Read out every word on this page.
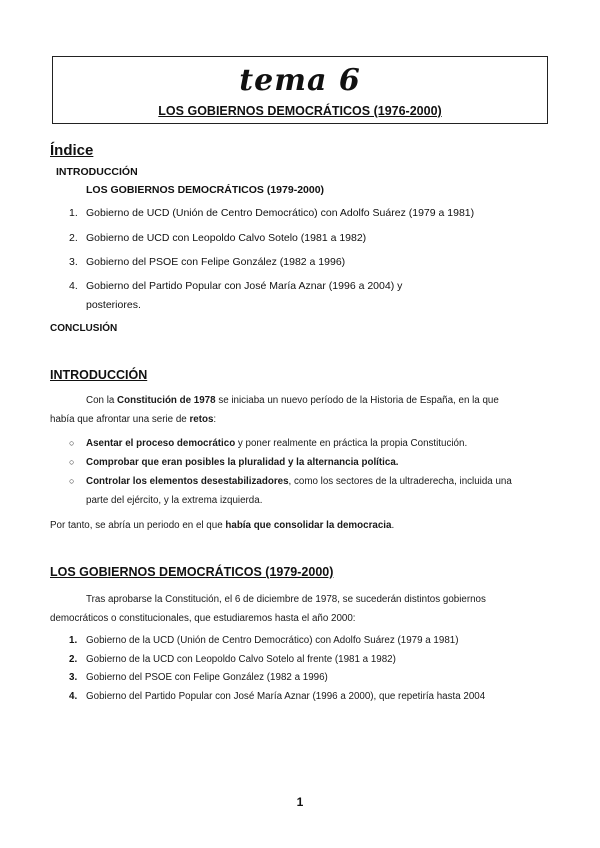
tema 6
LOS GOBIERNOS DEMOCRÁTICOS (1976-2000)
Índice
INTRODUCCIÓN
LOS GOBIERNOS DEMOCRÁTICOS (1979-2000)
1. Gobierno de UCD (Unión de Centro Democrático) con Adolfo Suárez (1979 a 1981)
2. Gobierno de UCD con Leopoldo Calvo Sotelo (1981 a 1982)
3. Gobierno del PSOE con Felipe González (1982 a 1996)
4. Gobierno del Partido Popular con José María Aznar (1996 a 2004) y
posteriores.
CONCLUSIÓN
INTRODUCCIÓN
Con la Constitución de 1978 se iniciaba un nuevo período de la Historia de España, en la que
había que afrontar una serie de retos:
○ Asentar el proceso democrático y poner realmente en práctica la propia Constitución.
○ Comprobar que eran posibles la pluralidad y la alternancia política.
○ Controlar los elementos desestabilizadores, como los sectores de la ultraderecha, incluida una
parte del ejército, y la extrema izquierda.
Por tanto, se abría un periodo en el que había que consolidar la democracia.
LOS GOBIERNOS DEMOCRÁTICOS (1979-2000)
Tras aprobarse la Constitución, el 6 de diciembre de 1978, se sucederán distintos gobiernos
democráticos o constitucionales, que estudiaremos hasta el año 2000:
1. Gobierno de la UCD (Unión de Centro Democrático) con Adolfo Suárez (1979 a 1981)
2. Gobierno de la UCD con Leopoldo Calvo Sotelo al frente (1981 a 1982)
3. Gobierno del PSOE con Felipe González (1982 a 1996)
4. Gobierno del Partido Popular con José María Aznar (1996 a 2000), que repetiría hasta 2004
1
